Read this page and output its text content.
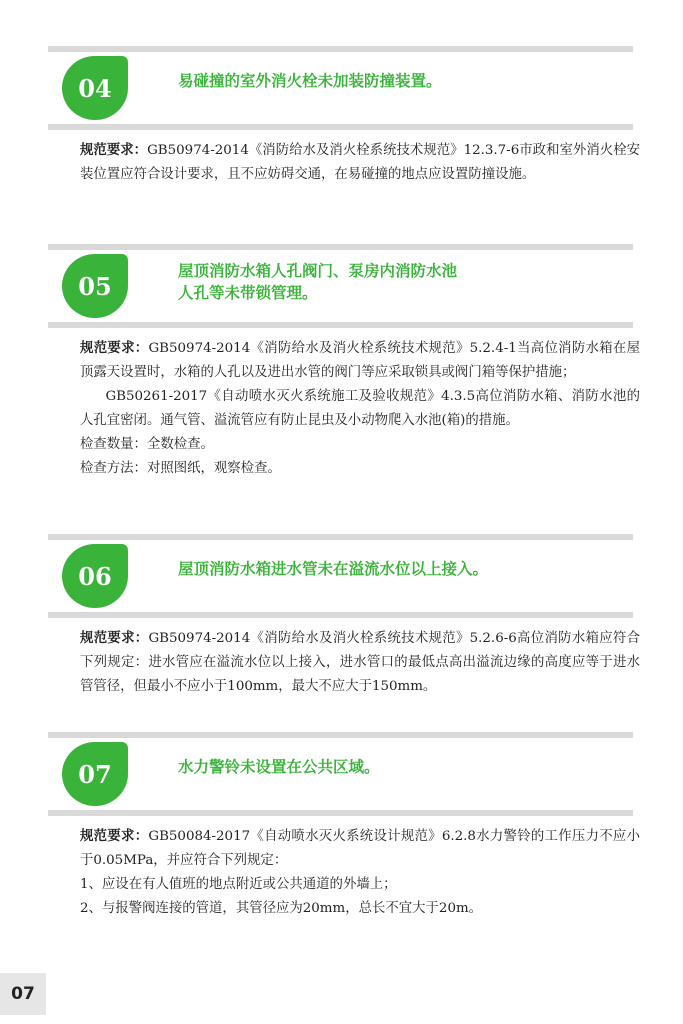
04	易碰撞的室外消火栓未加装防撞装置。

规范要求：GB50974-2014《消防给水及消火栓系统技术规范》12.3.7-6市政和室外消火栓安装位置应符合设计要求，且不应妨碍交通，在易碰撞的地点应设置防撞设施。

05
屋顶消防水箱人孔阀门、泵房内消防水池
人孔等未带锁管理。

规范要求：GB50974-2014《消防给水及消火栓系统技术规范》5.2.4-1当高位消防水箱在屋顶露天设置时，水箱的人孔以及进出水管的阀门等应采取锁具或阀门箱等保护措施；

GB50261-2017《自动喷水灭火系统施工及验收规范》4.3.5高位消防水箱、消防水池的人孔宜密闭。通气管、溢流管应有防止昆虫及小动物爬入水池(箱)的措施。

检查数量：全数检查。

检查方法：对照图纸，观察检查。

06	屋顶消防水箱进水管未在溢流水位以上接入。

规范要求：GB50974-2014《消防给水及消火栓系统技术规范》5.2.6-6高位消防水箱应符合下列规定：进水管应在溢流水位以上接入，进水管口的最低点高出溢流边缘的高度应等于进水管管径，但最小不应小于100mm，最大不应大于150mm。

07	水力警铃未设置在公共区域。

规范要求：GB50084-2017《自动喷水灭火系统设计规范》6.2.8水力警铃的工作压力不应小于0.05MPa，并应符合下列规定：

1、应设在有人值班的地点附近或公共通道的外墙上；

2、与报警阀连接的管道，其管径应为20mm，总长不宜大于20m。

07
